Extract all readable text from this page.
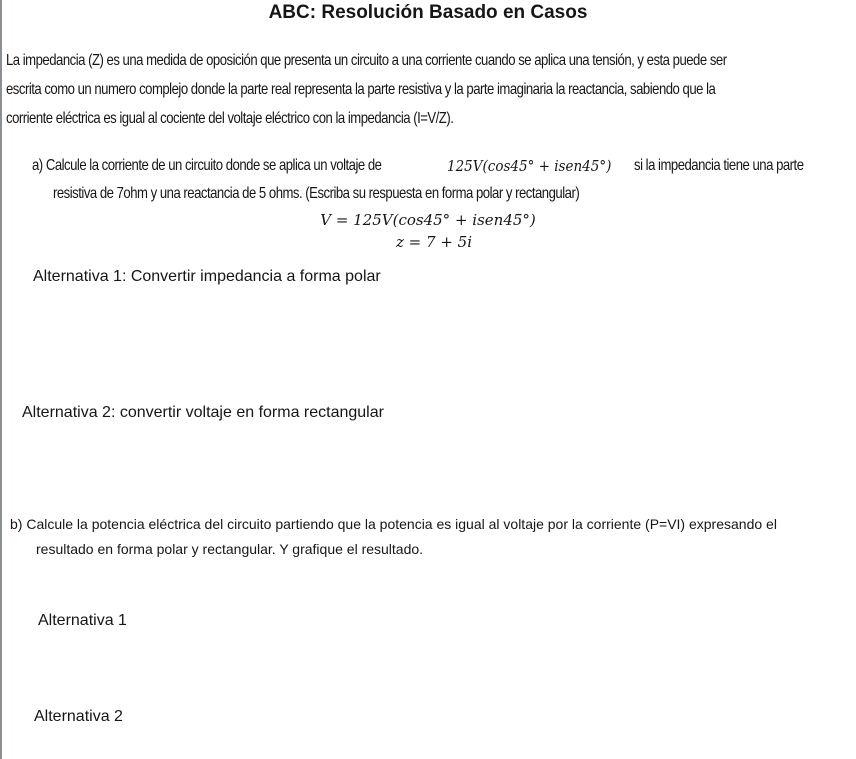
ABC: Resolución Basado en Casos
La impedancia (Z) es una medida de oposición que presenta un circuito a una corriente cuando se aplica una tensión, y esta puede ser
escrita como un numero complejo donde la parte real representa la parte resistiva y la parte imaginaria la reactancia, sabiendo que la
corriente eléctrica es igual al cociente del voltaje eléctrico con la impedancia (I=V/Z).
a) Calcule la corriente de un circuito donde se aplica un voltaje de	125V(cos45° + isen45°) si la impedancia tiene una parte
resistiva de 7ohm y una reactancia de 5 ohms. (Escriba su respuesta en forma polar y rectangular)
V = 125V(cos45° + isen45°)
z = 7 + 5i
Alternativa 1: Convertir impedancia a forma polar
Alternativa 2: convertir voltaje en forma rectangular
b) Calcule la potencia eléctrica del circuito partiendo que la potencia es igual al voltaje por la corriente (P=VI) expresando el
resultado en forma polar y rectangular. Y grafique el resultado.
Alternativa 1
Alternativa 2
